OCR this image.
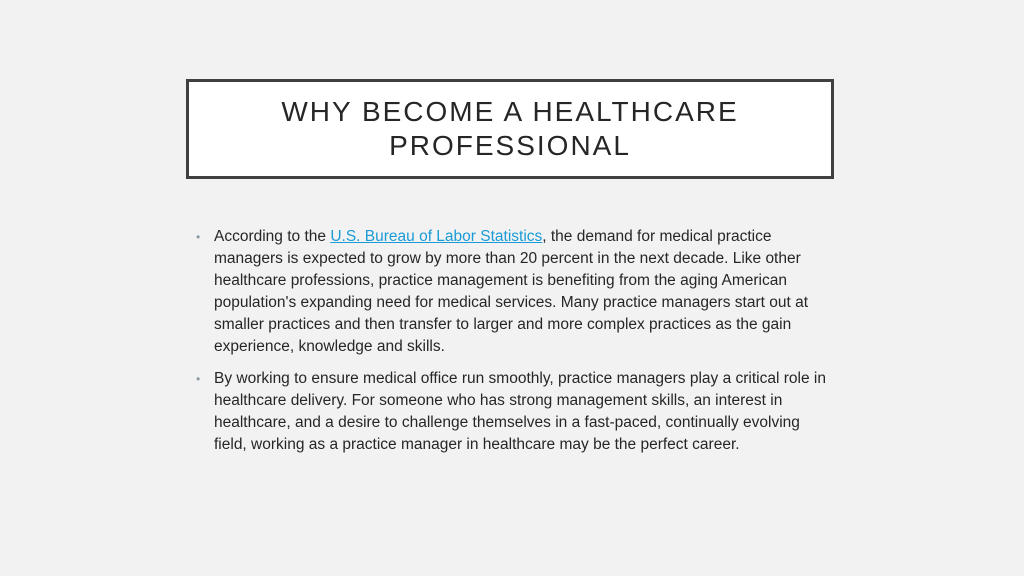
WHY BECOME A HEALTHCARE PROFESSIONAL
• According to the U.S. Bureau of Labor Statistics, the demand for medical practice managers is expected to grow by more than 20 percent in the next decade. Like other healthcare professions, practice management is benefiting from the aging American population's expanding need for medical services. Many practice managers start out at smaller practices and then transfer to larger and more complex practices as the gain experience, knowledge and skills.
• By working to ensure medical office run smoothly, practice managers play a critical role in healthcare delivery. For someone who has strong management skills, an interest in healthcare, and a desire to challenge themselves in a fast-paced, continually evolving field, working as a practice manager in healthcare may be the perfect career.
